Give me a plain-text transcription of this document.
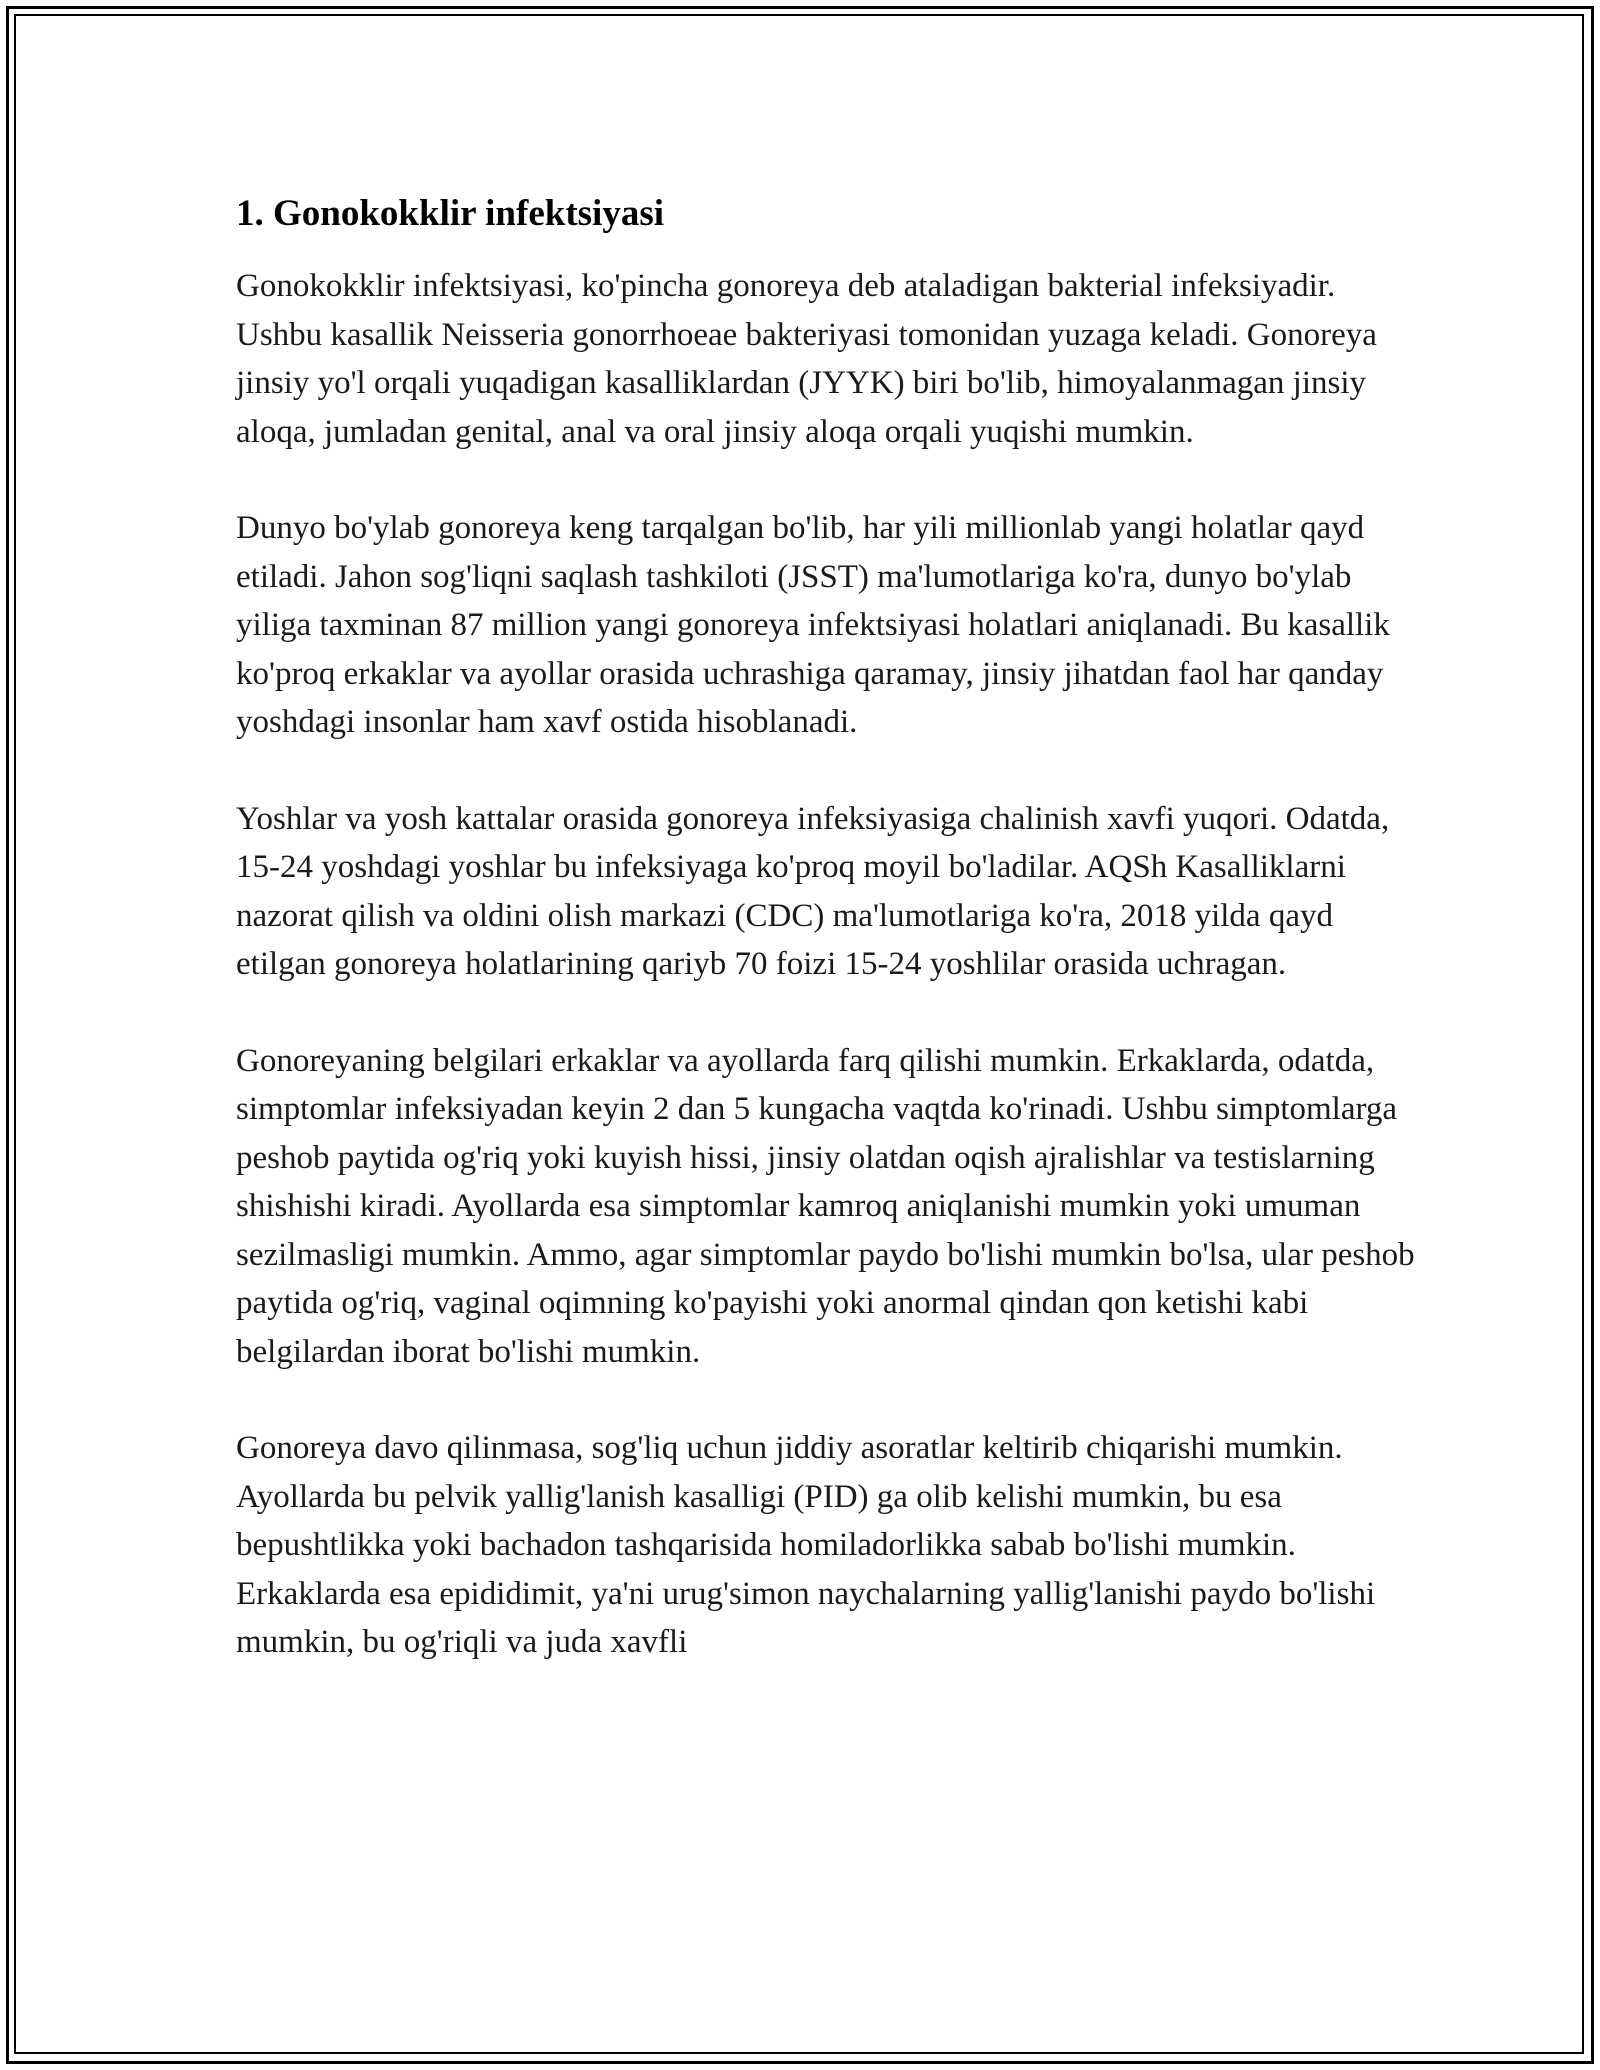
1. Gonokokklir infektsiyasi

Gonokokklir infektsiyasi, ko'pincha gonoreya deb ataladigan bakterial infeksiyadir. Ushbu kasallik Neisseria gonorrhoeae bakteriyasi tomonidan yuzaga keladi. Gonoreya jinsiy yo'l orqali yuqadigan kasalliklardan (JYYK) biri bo'lib, himoyalanmagan jinsiy aloqa, jumladan genital, anal va oral jinsiy aloqa orqali yuqishi mumkin.

Dunyo bo'ylab gonoreya keng tarqalgan bo'lib, har yili millionlab yangi holatlar qayd etiladi. Jahon sog'liqni saqlash tashkiloti (JSST) ma'lumotlariga ko'ra, dunyo bo'ylab yiliga taxminan 87 million yangi gonoreya infektsiyasi holatlari aniqlanadi. Bu kasallik ko'proq erkaklar va ayollar orasida uchrashiga qaramay, jinsiy jihatdan faol har qanday yoshdagi insonlar ham xavf ostida hisoblanadi.

Yoshlar va yosh kattalar orasida gonoreya infeksiyasiga chalinish xavfi yuqori. Odatda, 15-24 yoshdagi yoshlar bu infeksiyaga ko'proq moyil bo'ladilar. AQSh Kasalliklarni nazorat qilish va oldini olish markazi (CDC) ma'lumotlariga ko'ra, 2018 yilda qayd etilgan gonoreya holatlarining qariyb 70 foizi 15-24 yoshlilar orasida uchragan.

Gonoreyaning belgilari erkaklar va ayollarda farq qilishi mumkin. Erkaklarda, odatda, simptomlar infeksiyadan keyin 2 dan 5 kungacha vaqtda ko'rinadi. Ushbu simptomlarga peshob paytida og'riq yoki kuyish hissi, jinsiy olatdan oqish ajralishlar va testislarning shishishi kiradi. Ayollarda esa simptomlar kamroq aniqlanishi mumkin yoki umuman sezilmasligi mumkin. Ammo, agar simptomlar paydo bo'lishi mumkin bo'lsa, ular peshob paytida og'riq, vaginal oqimning ko'payishi yoki anormal qindan qon ketishi kabi belgilardan iborat bo'lishi mumkin.

Gonoreya davo qilinmasa, sog'liq uchun jiddiy asoratlar keltirib chiqarishi mumkin. Ayollarda bu pelvik yallig'lanish kasalligi (PID) ga olib kelishi mumkin, bu esa bepushtlikka yoki bachadon tashqarisida homiladorlikka sabab bo'lishi mumkin. Erkaklarda esa epididimit, ya'ni urug'simon naychalarning yallig'lanishi paydo bo'lishi mumkin, bu og'riqli va juda xavfli
